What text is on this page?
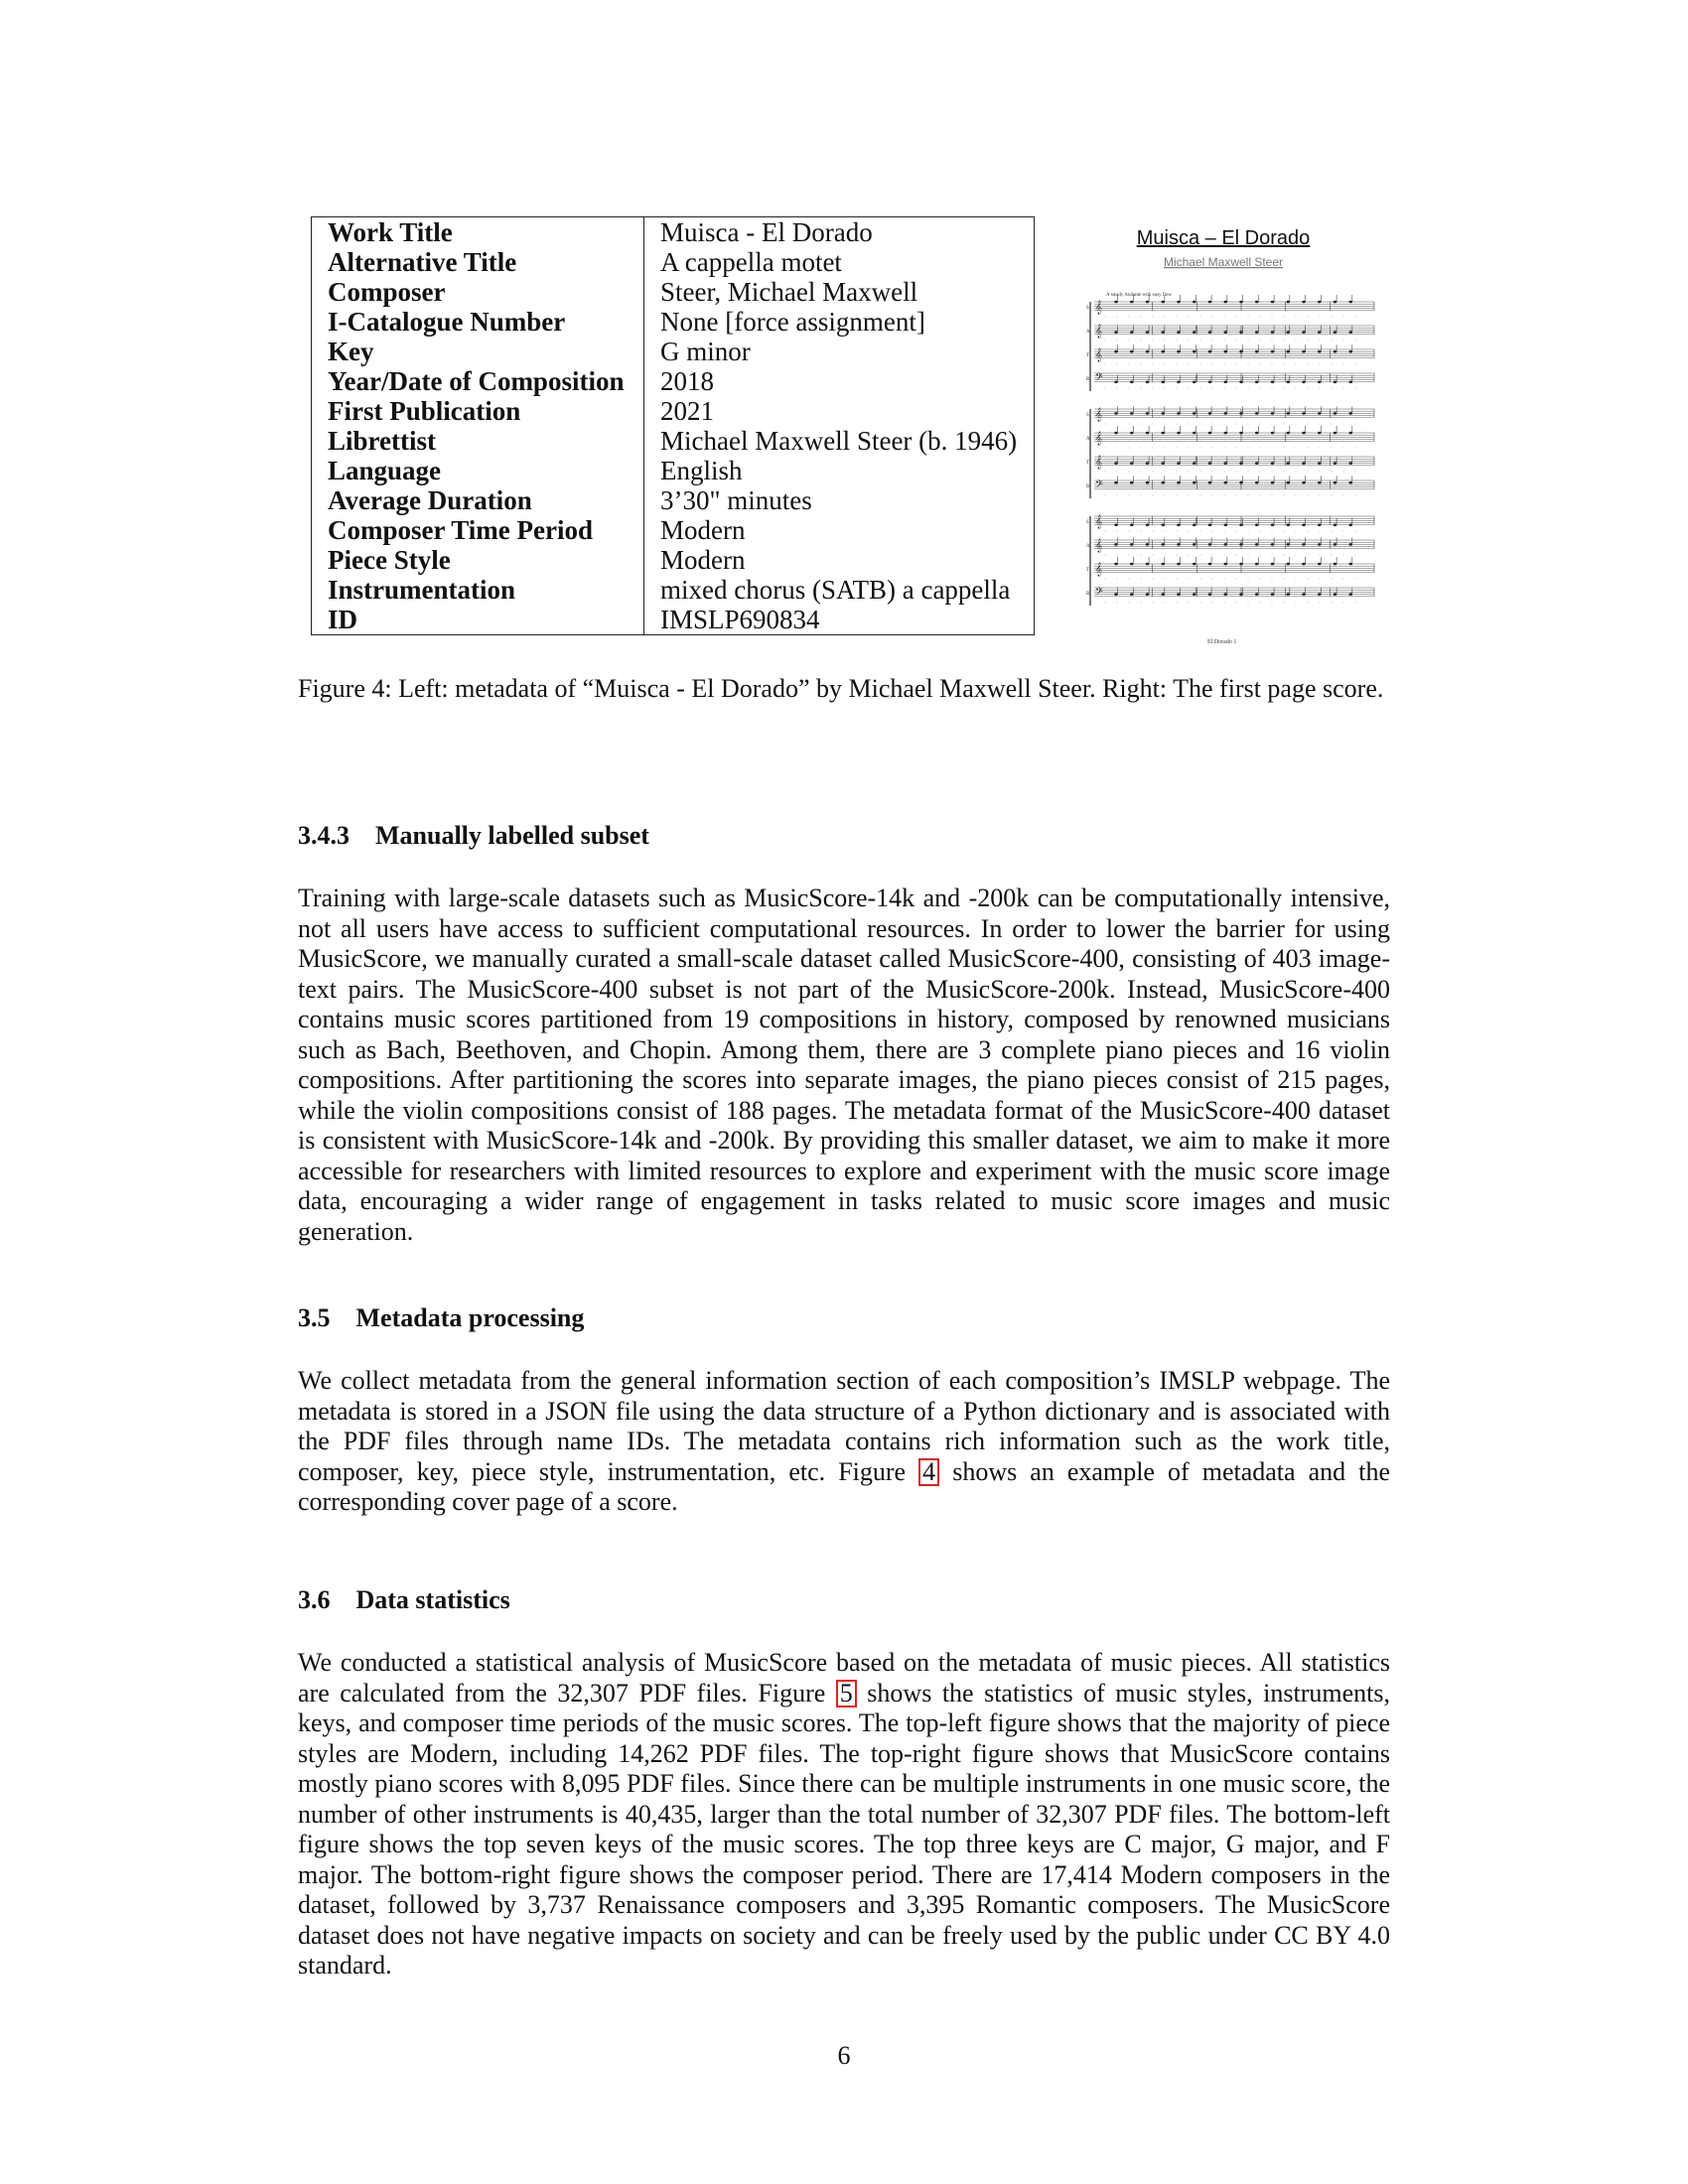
Work Title	Muisca - El Dorado
Alternative Title	A cappella motet
Composer	Steer, Michael Maxwell
I-Catalogue Number	None [force assignment]
Key	G minor
Year/Date of Composition	2018
First Publication	2021
Librettist	Michael Maxwell Steer (b. 1946)
Language	English
Average Duration	3’30" minutes
Composer Time Period	Modern
Piece Style	Modern
Instrumentation	mixed chorus (SATB) a cappella
ID	IMSLP690834
Muisca – El Dorado
Michael Maxwell Steer
A steady Andante with easy flow
S 𝄞
A 𝄞
T 𝄞
B 𝄢
S 𝄞
A 𝄞
T 𝄞
B 𝄢
S 𝄞
A 𝄞
T 𝄞
B 𝄢
El Dorado 1
Figure 4: Left: metadata of “Muisca - El Dorado” by Michael Maxwell Steer. Right: The first page score.
3.4.3 Manually labelled subset
Training with large-scale datasets such as MusicScore-14k and -200k can be computationally intensive, not all users have access to sufficient computational resources. In order to lower the barrier for using MusicScore, we manually curated a small-scale dataset called MusicScore-400, consisting of 403 image-text pairs. The MusicScore-400 subset is not part of the MusicScore-200k. Instead, MusicScore-400 contains music scores partitioned from 19 compositions in history, composed by renowned musicians such as Bach, Beethoven, and Chopin. Among them, there are 3 complete piano pieces and 16 violin compositions. After partitioning the scores into separate images, the piano pieces consist of 215 pages, while the violin compositions consist of 188 pages. The metadata format of the MusicScore-400 dataset is consistent with MusicScore-14k and -200k. By providing this smaller dataset, we aim to make it more accessible for researchers with limited resources to explore and experiment with the music score image data, encouraging a wider range of engagement in tasks related to music score images and music generation.
3.5 Metadata processing
We collect metadata from the general information section of each composition’s IMSLP webpage. The metadata is stored in a JSON file using the data structure of a Python dictionary and is associated with the PDF files through name IDs. The metadata contains rich information such as the work title, composer, key, piece style, instrumentation, etc. Figure 4 shows an example of metadata and the corresponding cover page of a score.
3.6 Data statistics
We conducted a statistical analysis of MusicScore based on the metadata of music pieces. All statistics are calculated from the 32,307 PDF files. Figure 5 shows the statistics of music styles, instruments, keys, and composer time periods of the music scores. The top-left figure shows that the majority of piece styles are Modern, including 14,262 PDF files. The top-right figure shows that MusicScore contains mostly piano scores with 8,095 PDF files. Since there can be multiple instruments in one music score, the number of other instruments is 40,435, larger than the total number of 32,307 PDF files. The bottom-left figure shows the top seven keys of the music scores. The top three keys are C major, G major, and F major. The bottom-right figure shows the composer period. There are 17,414 Modern composers in the dataset, followed by 3,737 Renaissance composers and 3,395 Romantic composers. The MusicScore dataset does not have negative impacts on society and can be freely used by the public under CC BY 4.0 standard.
6
